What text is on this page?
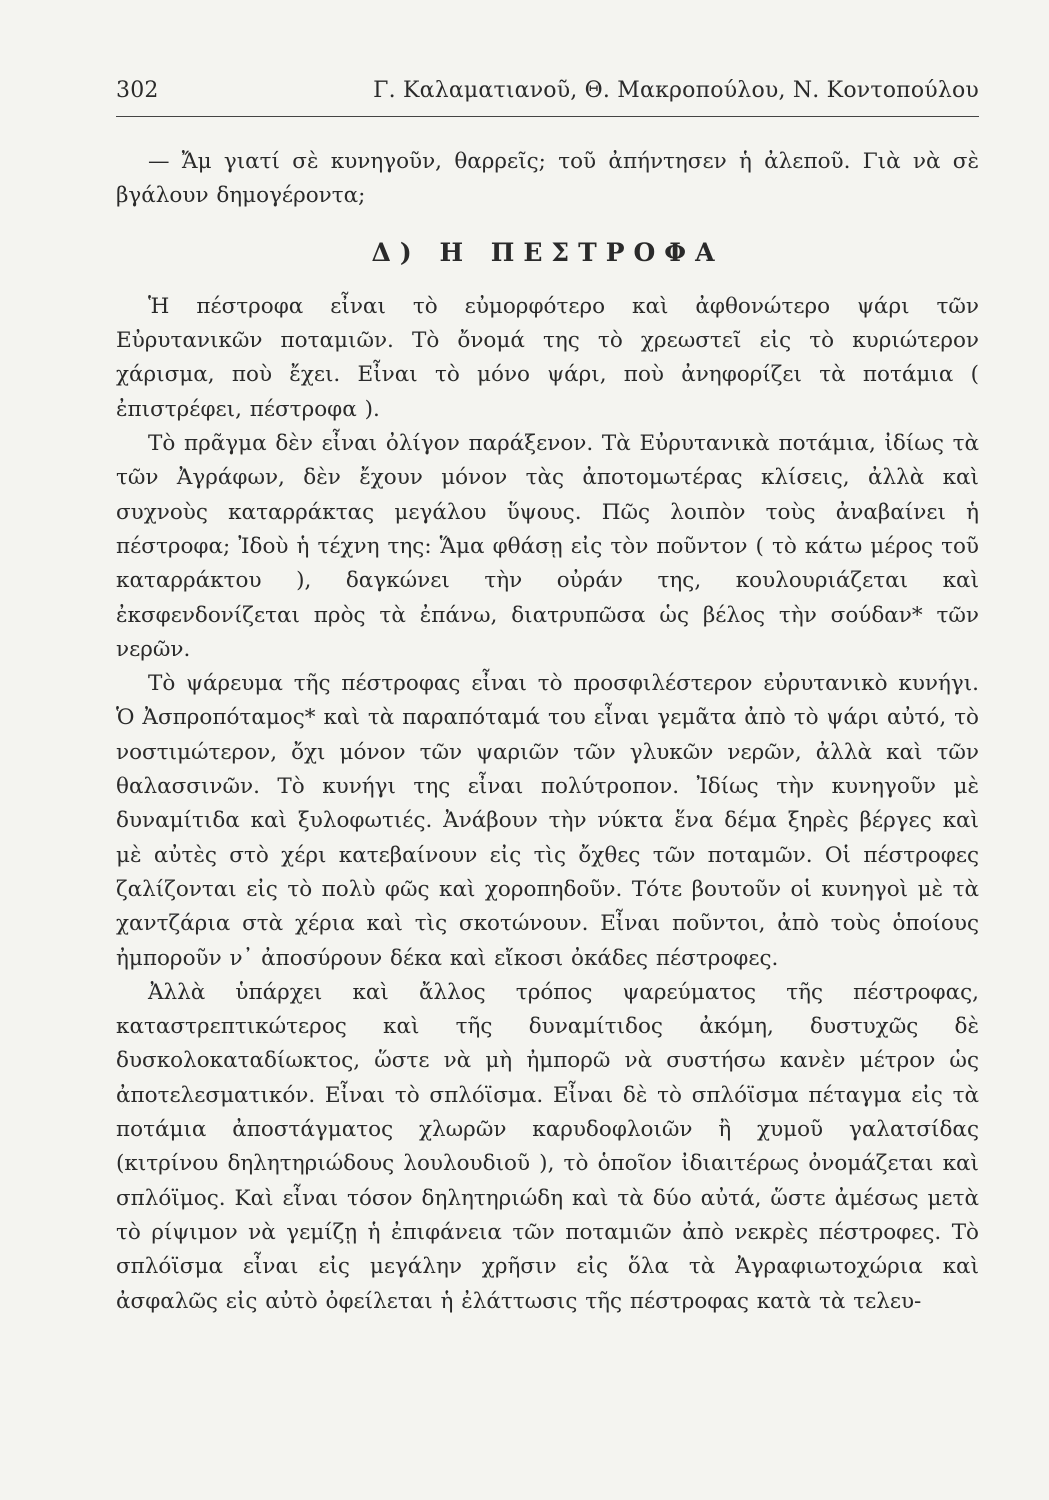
302	Γ. Καλαματιανοῦ, Θ. Μακροπούλου, Ν. Κοντοπούλου

— Ἄμ γιατί σὲ κυνηγοῦν, θαρρεῖς; τοῦ ἀπήντησεν ἡ ἀλεποῦ. Γιὰ νὰ σὲ βγάλουν δημογέροντα;

Δ) Η ΠΕΣΤΡΟΦΑ

Ἡ πέστροφα εἶναι τὸ εὐμορφότερο καὶ ἀφθονώτερο ψάρι τῶν Εὐρυτανικῶν ποταμιῶν. Τὸ ὄνομά της τὸ χρεωστεῖ εἰς τὸ κυριώτερον χάρισμα, ποὺ ἔχει. Εἶναι τὸ μόνο ψάρι, ποὺ ἀνηφορίζει τὰ ποτάμια ( ἐπιστρέφει, πέστροφα ).

Τὸ πρᾶγμα δὲν εἶναι ὀλίγον παράξενον. Τὰ Εὐρυτανικὰ ποτάμια, ἰδίως τὰ τῶν Ἀγράφων, δὲν ἔχουν μόνον τὰς ἀποτομωτέρας κλίσεις, ἀλλὰ καὶ συχνοὺς καταρράκτας μεγάλου ὕψους. Πῶς λοιπὸν τοὺς ἀναβαίνει ἡ πέστροφα; Ἰδοὺ ἡ τέχνη της: Ἅμα φθάσῃ εἰς τὸν ποῦντον ( τὸ κάτω μέρος τοῦ καταρράκτου ), δαγκώνει τὴν οὐράν της, κουλουριάζεται καὶ ἐκσφενδονίζεται πρὸς τὰ ἐπάνω, διατρυπῶσα ὡς βέλος τὴν σούδαν* τῶν νερῶν.

Τὸ ψάρευμα τῆς πέστροφας εἶναι τὸ προσφιλέστερον εὐρυτανικὸ κυνήγι. Ὁ Ἀσπροπόταμος* καὶ τὰ παραπόταμά του εἶναι γεμᾶτα ἀπὸ τὸ ψάρι αὐτό, τὸ νοστιμώτερον, ὄχι μόνον τῶν ψαριῶν τῶν γλυκῶν νερῶν, ἀλλὰ καὶ τῶν θαλασσινῶν. Τὸ κυνήγι της εἶναι πολύτροπον. Ἰδίως τὴν κυνηγοῦν μὲ δυναμίτιδα καὶ ξυλοφωτιές. Ἀνάβουν τὴν νύκτα ἕνα δέμα ξηρὲς βέργες καὶ μὲ αὐτὲς στὸ χέρι κατεβαίνουν εἰς τὶς ὄχθες τῶν ποταμῶν. Οἱ πέστροφες ζαλίζονται εἰς τὸ πολὺ φῶς καὶ χοροπηδοῦν. Τότε βουτοῦν οἱ κυνηγοὶ μὲ τὰ χαντζάρια στὰ χέρια καὶ τὶς σκοτώνουν. Εἶναι ποῦντοι, ἀπὸ τοὺς ὁποίους ἠμποροῦν ν᾿ ἀποσύρουν δέκα καὶ εἴκοσι ὀκάδες πέστροφες.

Ἀλλὰ ὑπάρχει καὶ ἄλλος τρόπος ψαρεύματος τῆς πέστροφας, καταστρεπτικώτερος καὶ τῆς δυναμίτιδος ἀκόμη, δυστυχῶς δὲ δυσκολοκαταδίωκτος, ὥστε νὰ μὴ ἠμπορῶ νὰ συστήσω κανὲν μέτρον ὡς ἀποτελεσματικόν. Εἶναι τὸ σπλόϊσμα. Εἶναι δὲ τὸ σπλόϊσμα πέταγμα εἰς τὰ ποτάμια ἀποστάγματος χλωρῶν καρυδοφλοιῶν ἢ χυμοῦ γαλατσίδας (κιτρίνου δηλητηριώδους λουλουδιοῦ ), τὸ ὁποῖον ἰδιαιτέρως ὀνομάζεται καὶ σπλόϊμος. Καὶ εἶναι τόσον δηλητηριώδη καὶ τὰ δύο αὐτά, ὥστε ἀμέσως μετὰ τὸ ρίψιμον νὰ γεμίζῃ ἡ ἐπιφάνεια τῶν ποταμιῶν ἀπὸ νεκρὲς πέστροφες. Τὸ σπλόϊσμα εἶναι εἰς μεγάλην χρῆσιν εἰς ὅλα τὰ Ἀγραφιωτοχώρια καὶ ἀσφαλῶς εἰς αὐτὸ ὀφείλεται ἡ ἐλάττωσις τῆς πέστροφας κατὰ τὰ τελευ-
